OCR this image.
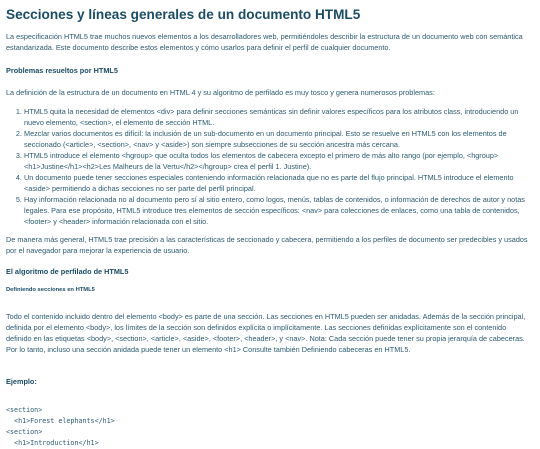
Secciones y líneas generales de un documento HTML5

La especificación HTML5 trae muchos nuevos elementos a los desarrolladores web, permitiéndoles describir la estructura de un documento web con semántica estandarizada. Este documento describe estos elementos y cómo usarlos para definir el perfil de cualquier documento.

Problemas resueltos por HTML5

La definición de la estructura de un documento en HTML 4 y su algoritmo de perfilado es muy tosco y genera numerosos problemas:

1. HTML5 quita la necesidad de elementos <div> para definir secciones semánticas sin definir valores específicos para los atributos class, introduciendo un nuevo elemento, <section>, el elemento de sección HTML.
2. Mezclar varios documentos es difícil: la inclusión de un sub-documento en un documento principal. Esto se resuelve en HTML5 con los elementos de seccionado (<article>, <section>, <nav> y <aside>) son siempre subsecciones de su sección ancestra más cercana.
3. HTML5 introduce el elemento <hgroup> que oculta todos los elementos de cabecera excepto el primero de más alto rango (por ejemplo, <hgroup> <h1>Justine</h1><h2>Les Malheurs de la Vertu</h2></hgroup> crea el perfil 1. Justine).
4. Un documento puede tener secciones especiales conteniendo información relacionada que no es parte del flujo principal. HTML5 introduce el elemento <aside> permitiendo a dichas secciones no ser parte del perfil principal.
5. Hay información relacionada no al documento pero sí al sitio entero, como logos, menús, tablas de contenidos, o información de derechos de autor y notas legales. Para ese propósito, HTML5 introduce tres elementos de sección específicos: <nav> para colecciones de enlaces, como una tabla de contenidos, <footer> y <header> información relacionada con el sitio.

De manera más general, HTML5 trae precisión a las características de seccionado y cabecera, permitiendo a los perfiles de documento ser predecibles y usados por el navegador para mejorar la experiencia de usuario.

El algoritmo de perfilado de HTML5
Definiendo secciones en HTML5

Todo el contenido incluido dentro del elemento <body> es parte de una sección. Las secciones en HTML5 pueden ser anidadas. Además de la sección principal, definida por el elemento <body>, los límites de la sección son definidos explícita o implícitamente. Las secciones definidas explícitamente son el contenido definido en las etiquetas <body>, <section>, <article>, <aside>, <footer>, <header>, y <nav>. Nota: Cada sección puede tener su propia jerarquía de cabeceras. Por lo tanto, incluso una sección anidada puede tener un elemento <h1> Consulte también Definiendo cabeceras en HTML5.

Ejemplo:
<section>
<h1>Forest elephants</h1>
<section>
<h1>Introduction</h1>
